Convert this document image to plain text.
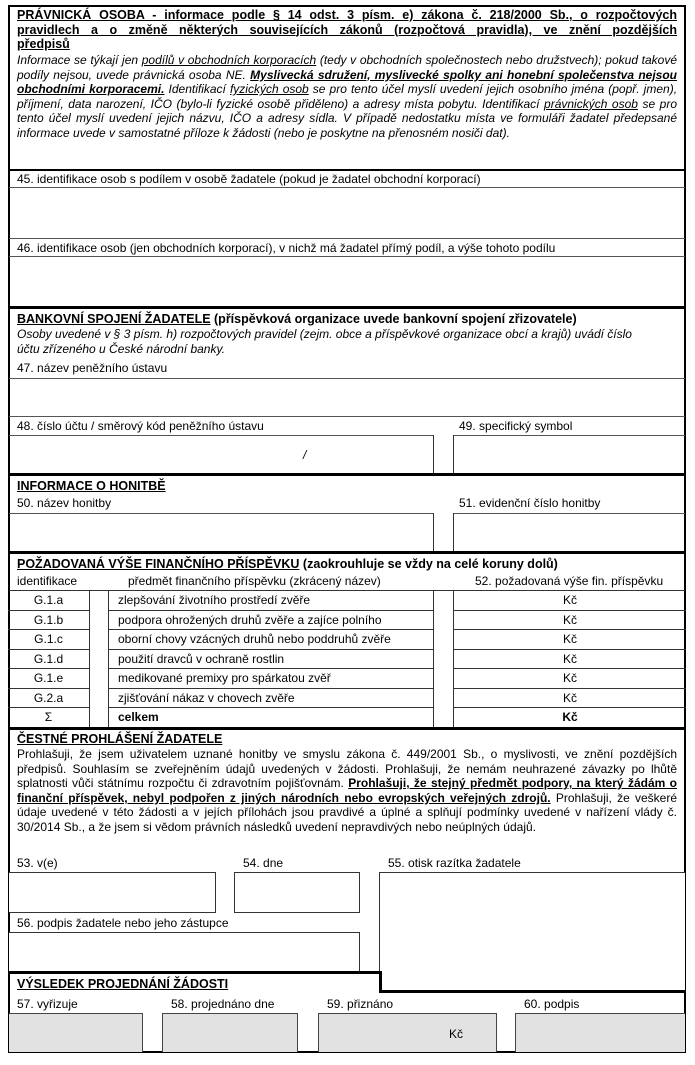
PRÁVNICKÁ OSOBA - informace podle § 14 odst. 3 písm. e) zákona č. 218/2000 Sb., o rozpočtových
pravidlech a o změně některých souvisejících zákonů (rozpočtová pravidla), ve znění pozdějších
předpisů
Informace se týkají jen podílů v obchodních korporacích (tedy v obchodních společnostech nebo družstvech); pokud takové podíly nejsou, uvede právnická osoba NE. Myslivecká sdružení, myslivecké spolky ani honební společenstva nejsou obchodními korporacemi. Identifikací fyzických osob se pro tento účel myslí uvedení jejich osobního jména (popř. jmen), příjmení, data narození, IČO (bylo-li fyzické osobě přiděleno) a adresy místa pobytu. Identifikací právnických osob se pro tento účel myslí uvedení jejich názvu, IČO a adresy sídla. V případě nedostatku místa ve formuláři žadatel předepsané informace uvede v samostatné příloze k žádosti (nebo je poskytne na přenosném nosiči dat).
45. identifikace osob s podílem v osobě žadatele (pokud je žadatel obchodní korporací)
46. identifikace osob (jen obchodních korporací), v nichž má žadatel přímý podíl, a výše tohoto podílu
BANKOVNÍ SPOJENÍ ŽADATELE (příspěvková organizace uvede bankovní spojení zřizovatele)
Osoby uvedené v § 3 písm. h) rozpočtových pravidel (zejm. obce a příspěvkové organizace obcí a krajů) uvádí číslo účtu zřízeného u České národní banky.
47. název peněžního ústavu
48. číslo účtu / směrový kód peněžního ústavu	49. specifický symbol
/
INFORMACE O HONITBĚ
50. název honitby	51. evidenční číslo honitby
POŽADOVANÁ VÝŠE FINANČNÍHO PŘÍSPĚVKU (zaokrouhluje se vždy na celé koruny dolů)
identifikace	předmět finančního příspěvku (zkrácený název)	52. požadovaná výše fin. příspěvku
G.1.a	zlepšování životního prostředí zvěře	Kč
G.1.b	podpora ohrožených druhů zvěře a zajíce polního	Kč
G.1.c	oborní chovy vzácných druhů nebo poddruhů zvěře	Kč
G.1.d	použití dravců v ochraně rostlin	Kč
G.1.e	medikované premixy pro spárkatou zvěř	Kč
G.2.a	zjišťování nákaz v chovech zvěře	Kč
Σ	celkem	Kč
ČESTNÉ PROHLÁŠENÍ ŽADATELE
Prohlašuji, že jsem uživatelem uznané honitby ve smyslu zákona č. 449/2001 Sb., o myslivosti, ve znění pozdějších předpisů. Souhlasím se zveřejněním údajů uvedených v žádosti. Prohlašuji, že nemám neuhrazené závazky po lhůtě splatnosti vůči státnímu rozpočtu či zdravotním pojišťovnám. Prohlašuji, že stejný předmět podpory, na který žádám o finanční příspěvek, nebyl podpořen z jiných národních nebo evropských veřejných zdrojů. Prohlašuji, že veškeré údaje uvedené v této žádosti a v jejích přílohách jsou pravdivé a úplné a splňují podmínky uvedené v nařízení vlády č. 30/2014 Sb., a že jsem si vědom právních následků uvedení nepravdivých nebo neúplných údajů.
53. v(e)	54. dne	55. otisk razítka žadatele
56. podpis žadatele nebo jeho zástupce
VÝSLEDEK PROJEDNÁNÍ ŽÁDOSTI
57. vyřizuje	58. projednáno dne	59. přiznáno	60. podpis
Kč
